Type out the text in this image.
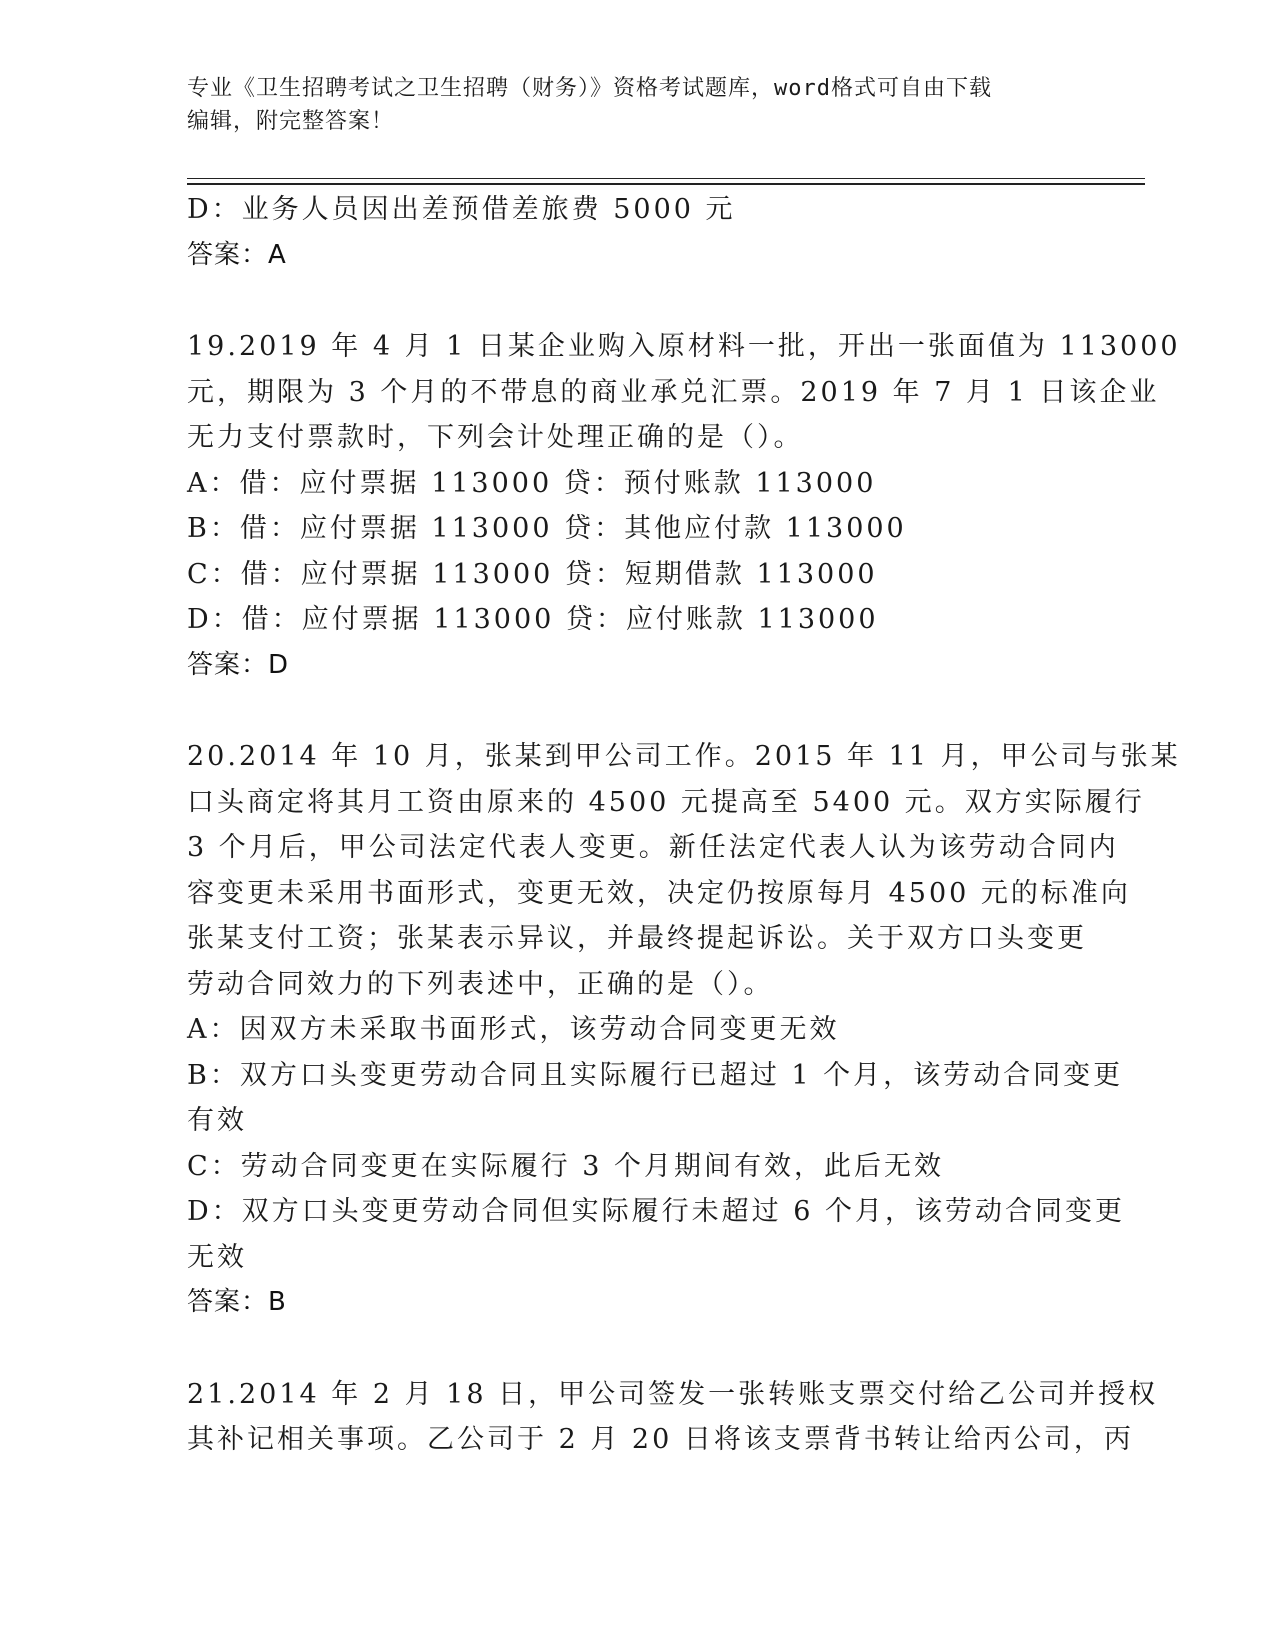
专业《卫生招聘考试之卫生招聘（财务）》资格考试题库，word格式可自由下载
编辑，附完整答案！
D：业务人员因出差预借差旅费 5000 元
答案：A
19.2019 年 4 月 1 日某企业购入原材料一批，开出一张面值为 113000
元，期限为 3 个月的不带息的商业承兑汇票。2019 年 7 月 1 日该企业
无力支付票款时，下列会计处理正确的是（）。
A：借：应付票据 113000 贷：预付账款 113000
B：借：应付票据 113000 贷：其他应付款 113000
C：借：应付票据 113000 贷：短期借款 113000
D：借：应付票据 113000 贷：应付账款 113000
答案：D
20.2014 年 10 月，张某到甲公司工作。2015 年 11 月，甲公司与张某
口头商定将其月工资由原来的 4500 元提高至 5400 元。双方实际履行
3 个月后，甲公司法定代表人变更。新任法定代表人认为该劳动合同内
容变更未采用书面形式，变更无效，决定仍按原每月 4500 元的标准向
张某支付工资；张某表示异议，并最终提起诉讼。关于双方口头变更
劳动合同效力的下列表述中，正确的是（）。
A：因双方未采取书面形式，该劳动合同变更无效
B：双方口头变更劳动合同且实际履行已超过 1 个月，该劳动合同变更
有效
C：劳动合同变更在实际履行 3 个月期间有效，此后无效
D：双方口头变更劳动合同但实际履行未超过 6 个月，该劳动合同变更
无效
答案：B
21.2014 年 2 月 18 日，甲公司签发一张转账支票交付给乙公司并授权
其补记相关事项。乙公司于 2 月 20 日将该支票背书转让给丙公司，丙
